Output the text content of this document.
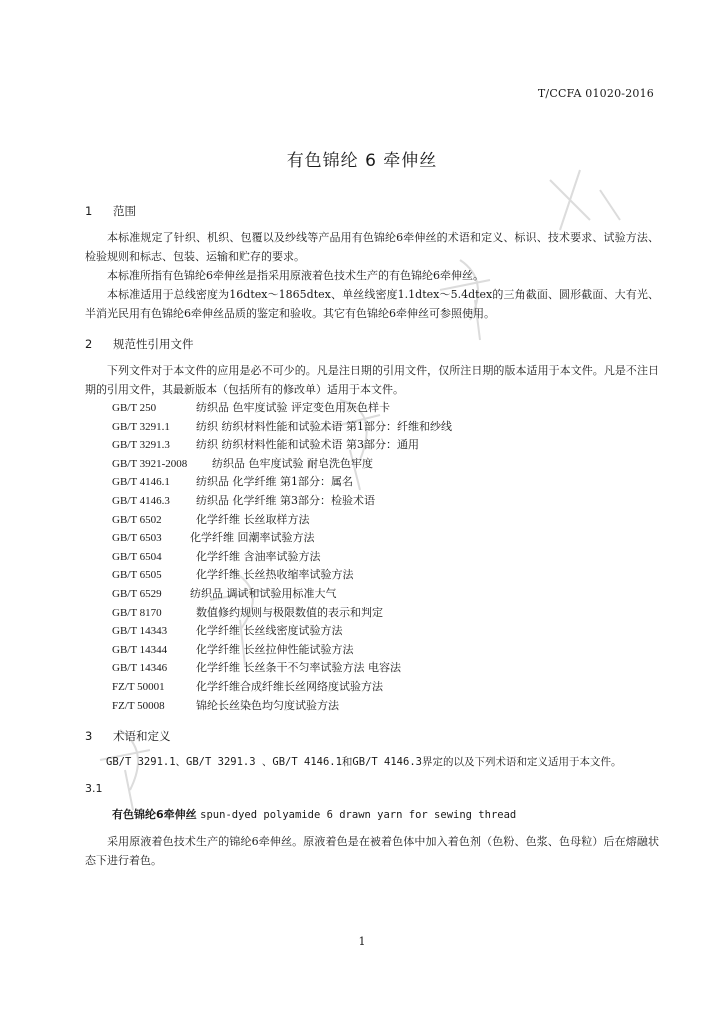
T/CCFA 01020-2016
有色锦纶 6 牵伸丝
1	范围

本标准规定了针织、机织、包覆以及纱线等产品用有色锦纶6牵伸丝的术语和定义、标识、技术要求、试验方法、检验规则和标志、包装、运输和贮存的要求。

本标准所指有色锦纶6牵伸丝是指采用原液着色技术生产的有色锦纶6牵伸丝。

本标准适用于总线密度为16dtex～1865dtex、单丝线密度1.1dtex～5.4dtex的三角截面、圆形截面、大有光、半消光民用有色锦纶6牵伸丝品质的鉴定和验收。其它有色锦纶6牵伸丝可参照使用。

2	规范性引用文件

下列文件对于本文件的应用是必不可少的。凡是注日期的引用文件，仅所注日期的版本适用于本文件。凡是不注日期的引用文件，其最新版本（包括所有的修改单）适用于本文件。

GB/T 250	纺织品 色牢度试验 评定变色用灰色样卡
GB/T 3291.1	纺织 纺织材料性能和试验术语 第1部分：纤维和纱线
GB/T 3291.3	纺织 纺织材料性能和试验术语 第3部分：通用
GB/T 3921-2008	纺织品 色牢度试验 耐皂洗色牢度
GB/T 4146.1	纺织品 化学纤维 第1部分：属名
GB/T 4146.3	纺织品 化学纤维 第3部分：检验术语
GB/T 6502	化学纤维 长丝取样方法
GB/T 6503	化学纤维 回潮率试验方法
GB/T 6504	化学纤维 含油率试验方法
GB/T 6505	化学纤维 长丝热收缩率试验方法
GB/T 6529	纺织品 调试和试验用标准大气
GB/T 8170	数值修约规则与极限数值的表示和判定
GB/T 14343	化学纤维 长丝线密度试验方法
GB/T 14344	化学纤维 长丝拉伸性能试验方法
GB/T 14346	化学纤维 长丝条干不匀率试验方法 电容法
FZ/T 50001	化学纤维合成纤维长丝网络度试验方法
FZ/T 50008	锦纶长丝染色均匀度试验方法
3	术语和定义

GB/T 3291.1、GB/T 3291.3 、GB/T 4146.1和GB/T 4146.3界定的以及下列术语和定义适用于本文件。

3.1
有色锦纶6牵伸丝 spun-dyed polyamide 6 drawn yarn for sewing thread

采用原液着色技术生产的锦纶6牵伸丝。原液着色是在被着色体中加入着色剂（色粉、色浆、色母粒）后在熔融状态下进行着色。

1
